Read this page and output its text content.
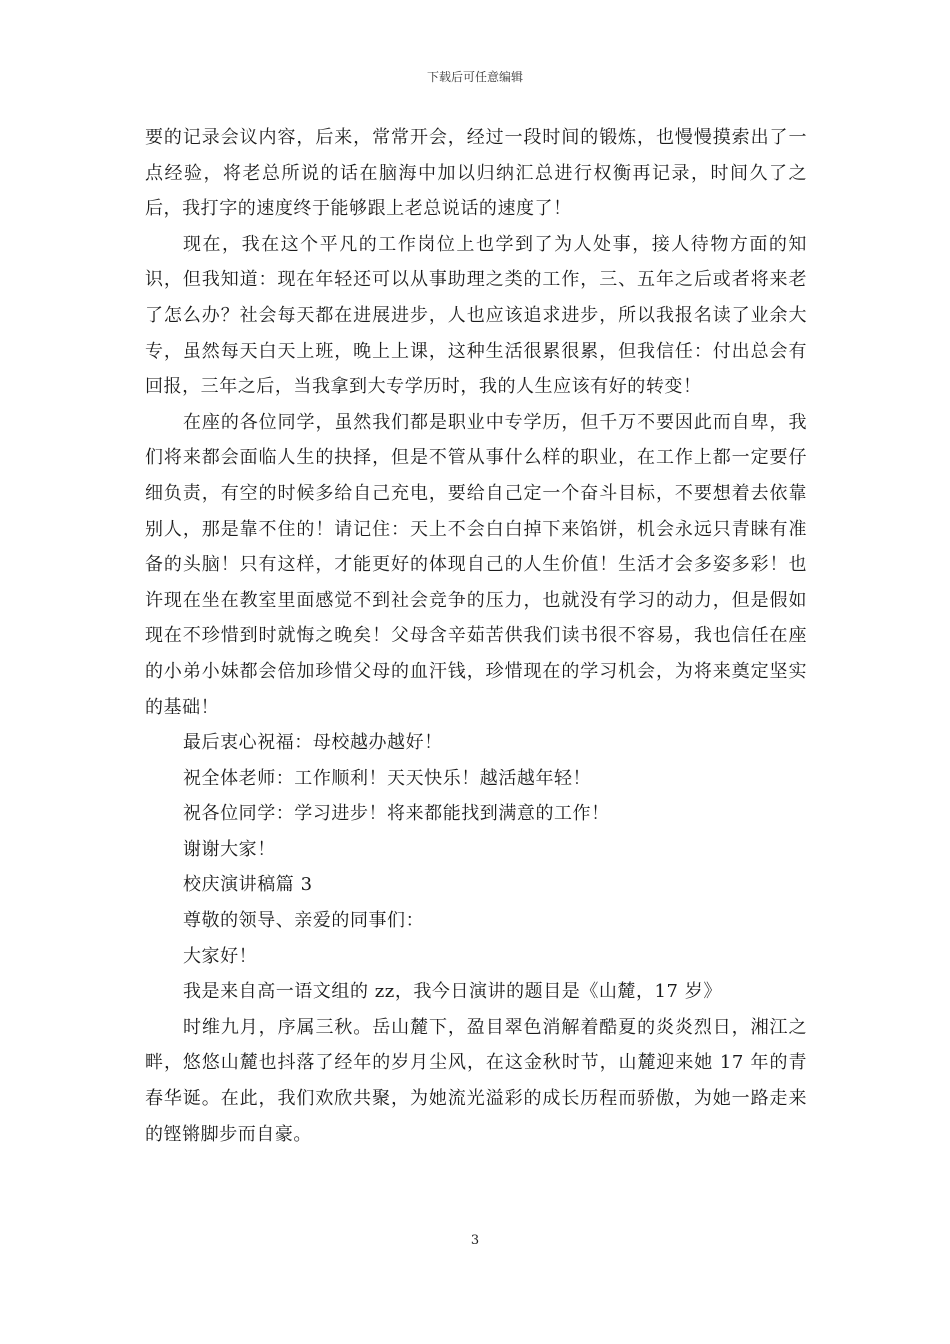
下载后可任意编辑

要的记录会议内容，后来，常常开会，经过一段时间的锻炼，也慢慢摸索出了一点经验，将老总所说的话在脑海中加以归纳汇总进行权衡再记录，时间久了之后，我打字的速度终于能够跟上老总说话的速度了！

现在，我在这个平凡的工作岗位上也学到了为人处事，接人待物方面的知识，但我知道：现在年轻还可以从事助理之类的工作，三、五年之后或者将来老了怎么办？社会每天都在进展进步，人也应该追求进步，所以我报名读了业余大专，虽然每天白天上班，晚上上课，这种生活很累很累，但我信任：付出总会有回报，三年之后，当我拿到大专学历时，我的人生应该有好的转变！

在座的各位同学，虽然我们都是职业中专学历，但千万不要因此而自卑，我们将来都会面临人生的抉择，但是不管从事什么样的职业，在工作上都一定要仔细负责，有空的时候多给自己充电，要给自己定一个奋斗目标，不要想着去依靠别人，那是靠不住的！请记住：天上不会白白掉下来馅饼，机会永远只青睐有准备的头脑！只有这样，才能更好的体现自己的人生价值！生活才会多姿多彩！也许现在坐在教室里面感觉不到社会竞争的压力，也就没有学习的动力，但是假如现在不珍惜到时就悔之晚矣！父母含辛茹苦供我们读书很不容易，我也信任在座的小弟小妹都会倍加珍惜父母的血汗钱，珍惜现在的学习机会，为将来奠定坚实的基础！

最后衷心祝福：母校越办越好！

祝全体老师：工作顺利！天天快乐！越活越年轻！

祝各位同学：学习进步！将来都能找到满意的工作！

谢谢大家！

校庆演讲稿篇 3

尊敬的领导、亲爱的同事们：

大家好！

我是来自高一语文组的 zz，我今日演讲的题目是《山麓，17 岁》

时维九月，序属三秋。岳山麓下，盈目翠色消解着酷夏的炎炎烈日，湘江之畔，悠悠山麓也抖落了经年的岁月尘风，在这金秋时节，山麓迎来她 17 年的青春华诞。在此，我们欢欣共聚，为她流光溢彩的成长历程而骄傲，为她一路走来的铿锵脚步而自豪。

3
